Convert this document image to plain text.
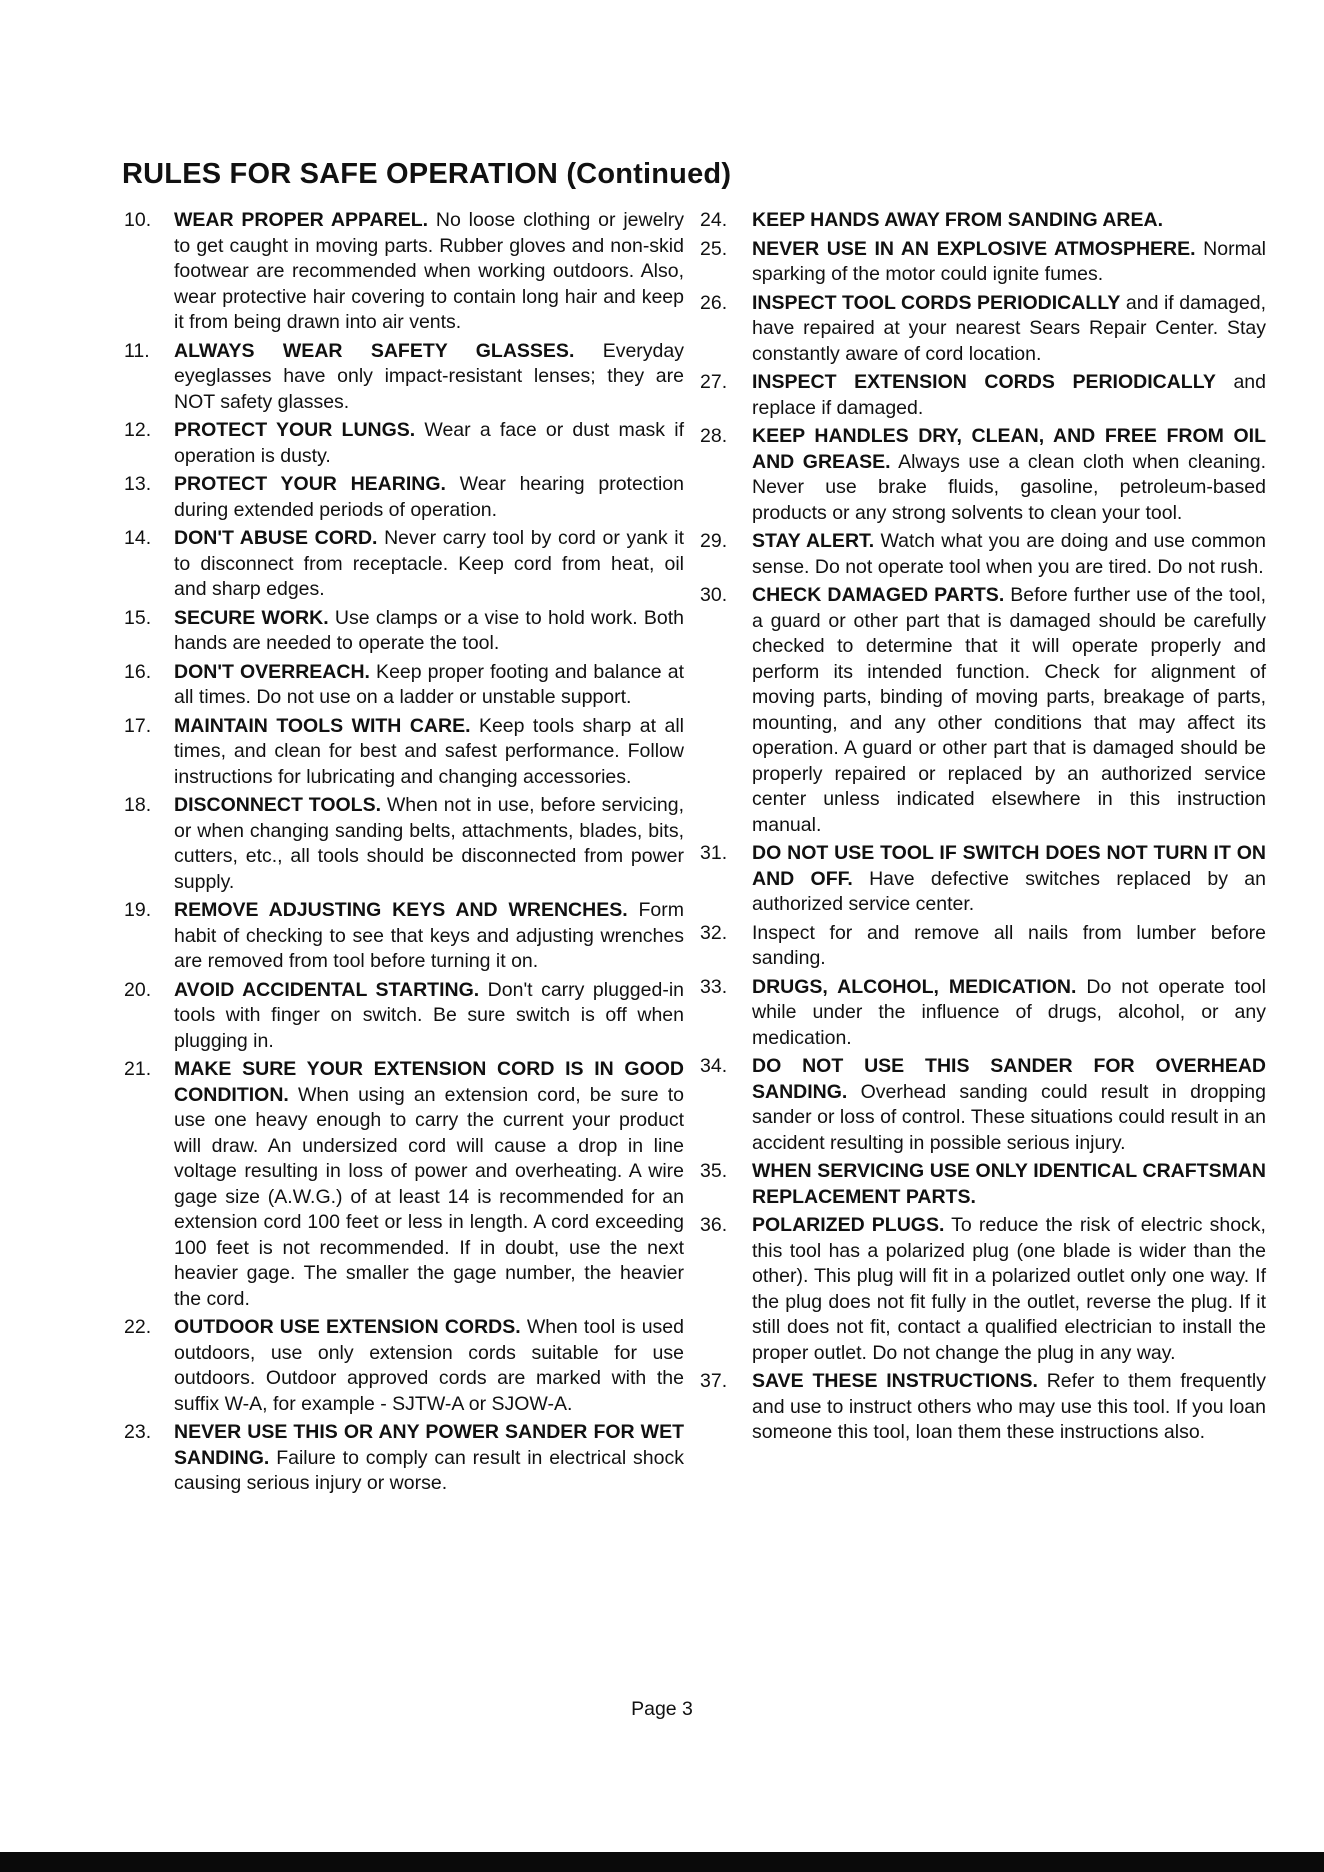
RULES FOR SAFE OPERATION (Continued)
10. WEAR PROPER APPAREL. No loose clothing or jewelry to get caught in moving parts. Rubber gloves and non-skid footwear are recommended when working outdoors. Also, wear protective hair covering to contain long hair and keep it from being drawn into air vents.
11. ALWAYS WEAR SAFETY GLASSES. Everyday eyeglasses have only impact-resistant lenses; they are NOT safety glasses.
12. PROTECT YOUR LUNGS. Wear a face or dust mask if operation is dusty.
13. PROTECT YOUR HEARING. Wear hearing protection during extended periods of operation.
14. DON'T ABUSE CORD. Never carry tool by cord or yank it to disconnect from receptacle. Keep cord from heat, oil and sharp edges.
15. SECURE WORK. Use clamps or a vise to hold work. Both hands are needed to operate the tool.
16. DON'T OVERREACH. Keep proper footing and balance at all times. Do not use on a ladder or unstable support.
17. MAINTAIN TOOLS WITH CARE. Keep tools sharp at all times, and clean for best and safest performance. Follow instructions for lubricating and changing accessories.
18. DISCONNECT TOOLS. When not in use, before servicing, or when changing sanding belts, attachments, blades, bits, cutters, etc., all tools should be disconnected from power supply.
19. REMOVE ADJUSTING KEYS AND WRENCHES. Form habit of checking to see that keys and adjusting wrenches are removed from tool before turning it on.
20. AVOID ACCIDENTAL STARTING. Don't carry plugged-in tools with finger on switch. Be sure switch is off when plugging in.
21. MAKE SURE YOUR EXTENSION CORD IS IN GOOD CONDITION. When using an extension cord, be sure to use one heavy enough to carry the current your product will draw. An undersized cord will cause a drop in line voltage resulting in loss of power and overheating. A wire gage size (A.W.G.) of at least 14 is recommended for an extension cord 100 feet or less in length. A cord exceeding 100 feet is not recommended. If in doubt, use the next heavier gage. The smaller the gage number, the heavier the cord.
22. OUTDOOR USE EXTENSION CORDS. When tool is used outdoors, use only extension cords suitable for use outdoors. Outdoor approved cords are marked with the suffix W-A, for example - SJTW-A or SJOW-A.
23. NEVER USE THIS OR ANY POWER SANDER FOR WET SANDING. Failure to comply can result in electrical shock causing serious injury or worse.
24. KEEP HANDS AWAY FROM SANDING AREA.
25. NEVER USE IN AN EXPLOSIVE ATMOSPHERE. Normal sparking of the motor could ignite fumes.
26. INSPECT TOOL CORDS PERIODICALLY and if damaged, have repaired at your nearest Sears Repair Center. Stay constantly aware of cord location.
27. INSPECT EXTENSION CORDS PERIODICALLY and replace if damaged.
28. KEEP HANDLES DRY, CLEAN, AND FREE FROM OIL AND GREASE. Always use a clean cloth when cleaning. Never use brake fluids, gasoline, petroleum-based products or any strong solvents to clean your tool.
29. STAY ALERT. Watch what you are doing and use common sense. Do not operate tool when you are tired. Do not rush.
30. CHECK DAMAGED PARTS. Before further use of the tool, a guard or other part that is damaged should be carefully checked to determine that it will operate properly and perform its intended function. Check for alignment of moving parts, binding of moving parts, breakage of parts, mounting, and any other conditions that may affect its operation. A guard or other part that is damaged should be properly repaired or replaced by an authorized service center unless indicated elsewhere in this instruction manual.
31. DO NOT USE TOOL IF SWITCH DOES NOT TURN IT ON AND OFF. Have defective switches replaced by an authorized service center.
32. Inspect for and remove all nails from lumber before sanding.
33. DRUGS, ALCOHOL, MEDICATION. Do not operate tool while under the influence of drugs, alcohol, or any medication.
34. DO NOT USE THIS SANDER FOR OVERHEAD SANDING. Overhead sanding could result in dropping sander or loss of control. These situations could result in an accident resulting in possible serious injury.
35. WHEN SERVICING USE ONLY IDENTICAL CRAFTSMAN REPLACEMENT PARTS.
36. POLARIZED PLUGS. To reduce the risk of electric shock, this tool has a polarized plug (one blade is wider than the other). This plug will fit in a polarized outlet only one way. If the plug does not fit fully in the outlet, reverse the plug. If it still does not fit, contact a qualified electrician to install the proper outlet. Do not change the plug in any way.
37. SAVE THESE INSTRUCTIONS. Refer to them frequently and use to instruct others who may use this tool. If you loan someone this tool, loan them these instructions also.
Page 3
